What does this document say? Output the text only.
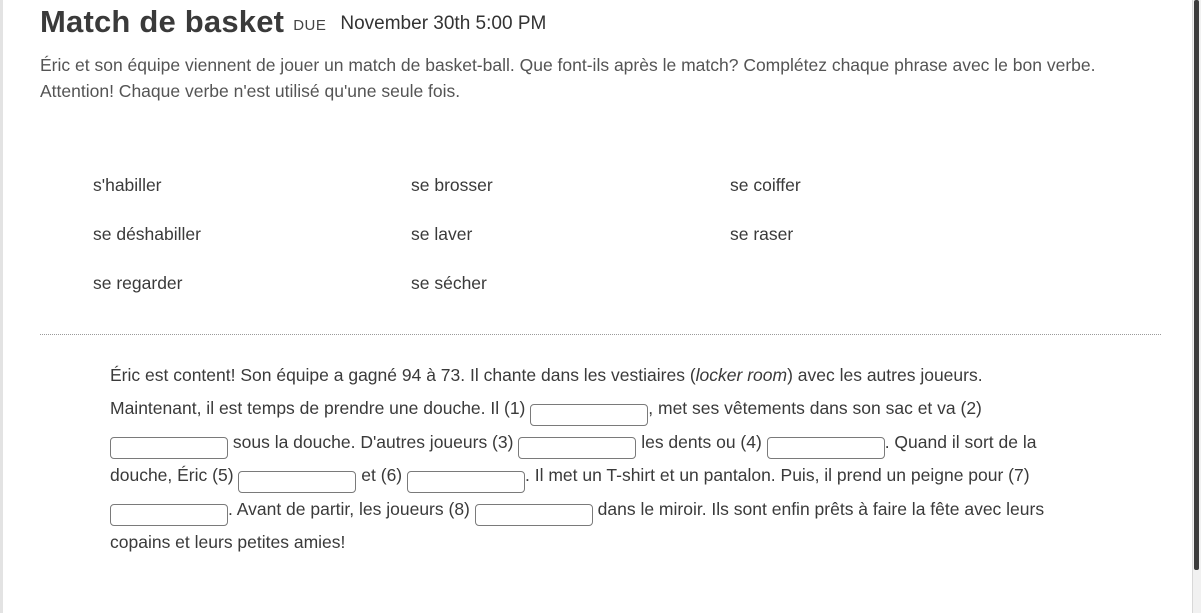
Match de basket DUE November 30th 5:00 PM
Éric et son équipe viennent de jouer un match de basket-ball. Que font-ils après le match? Complétez chaque phrase avec le bon verbe. Attention! Chaque verbe n'est utilisé qu'une seule fois.
s'habiller	se brosser	se coiffer
se déshabiller	se laver	se raser
se regarder	se sécher
Éric est content! Son équipe a gagné 94 à 73. Il chante dans les vestiaires (locker room) avec les autres joueurs. Maintenant, il est temps de prendre une douche. Il (1)	, met ses vêtements dans son sac et va (2)  sous la douche. D'autres joueurs (3)	les dents ou (4)	. Quand il sort de la douche, Éric (5)	et (6)	. Il met un T-shirt et un pantalon. Puis, il prend un peigne pour (7) . Avant de partir, les joueurs (8)	dans le miroir. Ils sont enfin prêts à faire la fête avec leurs copains et leurs petites amies!
